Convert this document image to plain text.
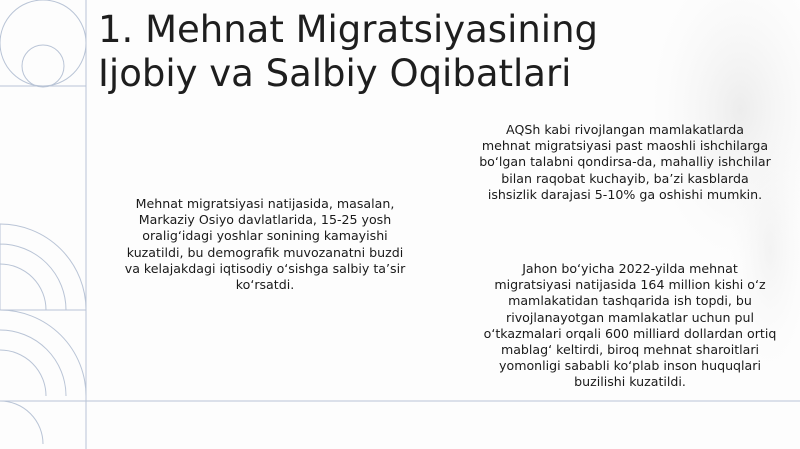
1. Mehnat Migratsiyasining
Ijobiy va Salbiy Oqibatlari
Mehnat migratsiyasi natijasida, masalan,
Markaziy Osiyo davlatlarida, 15-25 yosh
oralig‘idagi yoshlar sonining kamayishi
kuzatildi, bu demografik muvozanatni buzdi
va kelajakdagi iqtisodiy o‘sishga salbiy ta’sir
ko‘rsatdi.
AQSh kabi rivojlangan mamlakatlarda
mehnat migratsiyasi past maoshli ishchilarga
bo‘lgan talabni qondirsa-da, mahalliy ishchilar
bilan raqobat kuchayib, ba’zi kasblarda
ishsizlik darajasi 5-10% ga oshishi mumkin.
Jahon bo‘yicha 2022-yilda mehnat
migratsiyasi natijasida 164 million kishi o‘z
mamlakatidan tashqarida ish topdi, bu
rivojlanayotgan mamlakatlar uchun pul
o‘tkazmalari orqali 600 milliard dollardan ortiq
mablag‘ keltirdi, biroq mehnat sharoitlari
yomonligi sababli ko‘plab inson huquqlari
buzilishi kuzatildi.
